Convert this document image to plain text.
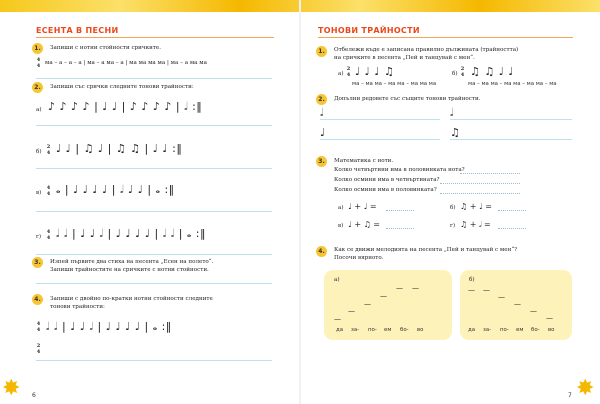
ЕСЕНТА В ПЕСНИ
1.	Запиши с нотни стойности сричките.
4
4 ма – а – а – а | ма – а ма – а | ма ма ма ма | ма – а ма ма
2.	Запиши със срички следните тонови трайности:
а) ♪ ♪ ♪ ♪ | ♩ ♩ | ♪ ♪ ♪ ♪ | 𝅗𝅥 :‖
б)
2
4 ♩ ♩ | ♫ ♩ | ♫ ♫ | ♩ ♩ :‖
в)
4
4 𝅝 | ♩ ♩ ♩ ♩ | 𝅗𝅥 ♩ ♩ | 𝅝 :‖
г)
4
4 𝅗𝅥 𝅗𝅥 | ♩ ♩ 𝅗𝅥 | ♩ ♩ ♩ ♩ | 𝅗𝅥 𝅗𝅥 | 𝅝 :‖
3.	Изпей първите два стиха на песента „Есен на полето“.
Запиши трайностите на сричките с нотни стойности.
4.	Запиши с двойно по-кратки нотни стойности следните
тонови трайности:
4
4 𝅗𝅥 𝅗𝅥 | ♩ ♩ 𝅗𝅥 | ♩ ♩ ♩ ♩ | 𝅝 :‖
2
4
✸ 6
ТОНОВИ ТРАЙНОСТИ
1.	Отбележи къде е записана правилно дължината (трайността)
на сричките в песента „Пей и танцувай с мен“.
а)
2
4 ♩ ♩ ♩ ♫
ма – ма ма – ма ма – ма ма ма
б)
2
4 ♫ ♫ ♩ ♩
ма – ма ма – ма ма – ма ма – ма
2.	Допълни редовете със същите тонови трайности.
𝅗𝅥	𝅗𝅥
♩	♫
3.	Математика с ноти.
Колко четвъртини има в половинката нота?
Колко осмини има в четвъртината?
Колко осмини има в половинката?
а) ♩ + ♩ =	б) ♫ + ♩ =
в) ♩ + ♫ =	г) ♫ + 𝅗𝅥 =
4.	Как се движи мелодията на песента „Пей и танцувай с мен“?
Посочи вярното.
а)
— —
—
—
—
—
да за- по- ем бо- во
б)
— —
—
—
—
—
да за- по- ем бо- во
✸
7
